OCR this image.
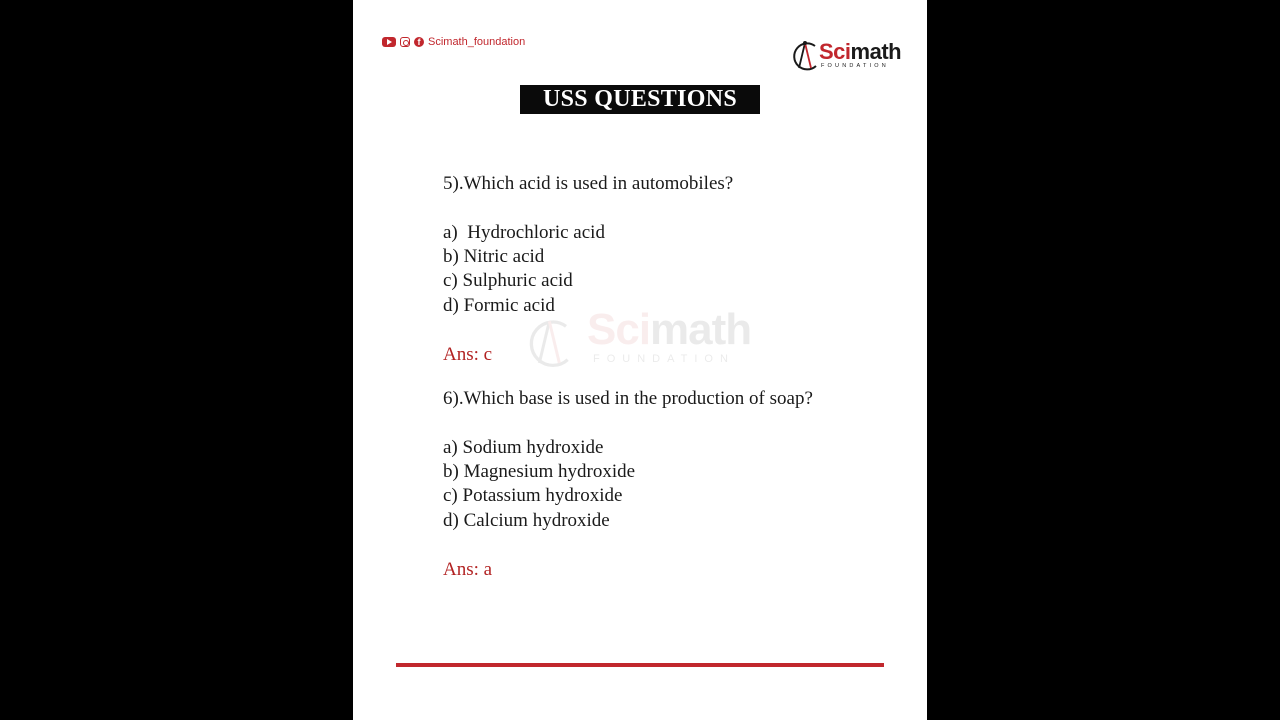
f Scimath_foundation	Scimath
FOUNDATION
USS QUESTIONS
Scimath
FOUNDATION
5).Which acid is used in automobiles?
a)  Hydrochloric acid
b) Nitric acid
c) Sulphuric acid
d) Formic acid
Ans: c
6).Which base is used in the production of soap?
a) Sodium hydroxide
b) Magnesium hydroxide
c) Potassium hydroxide
d) Calcium hydroxide
Ans: a
